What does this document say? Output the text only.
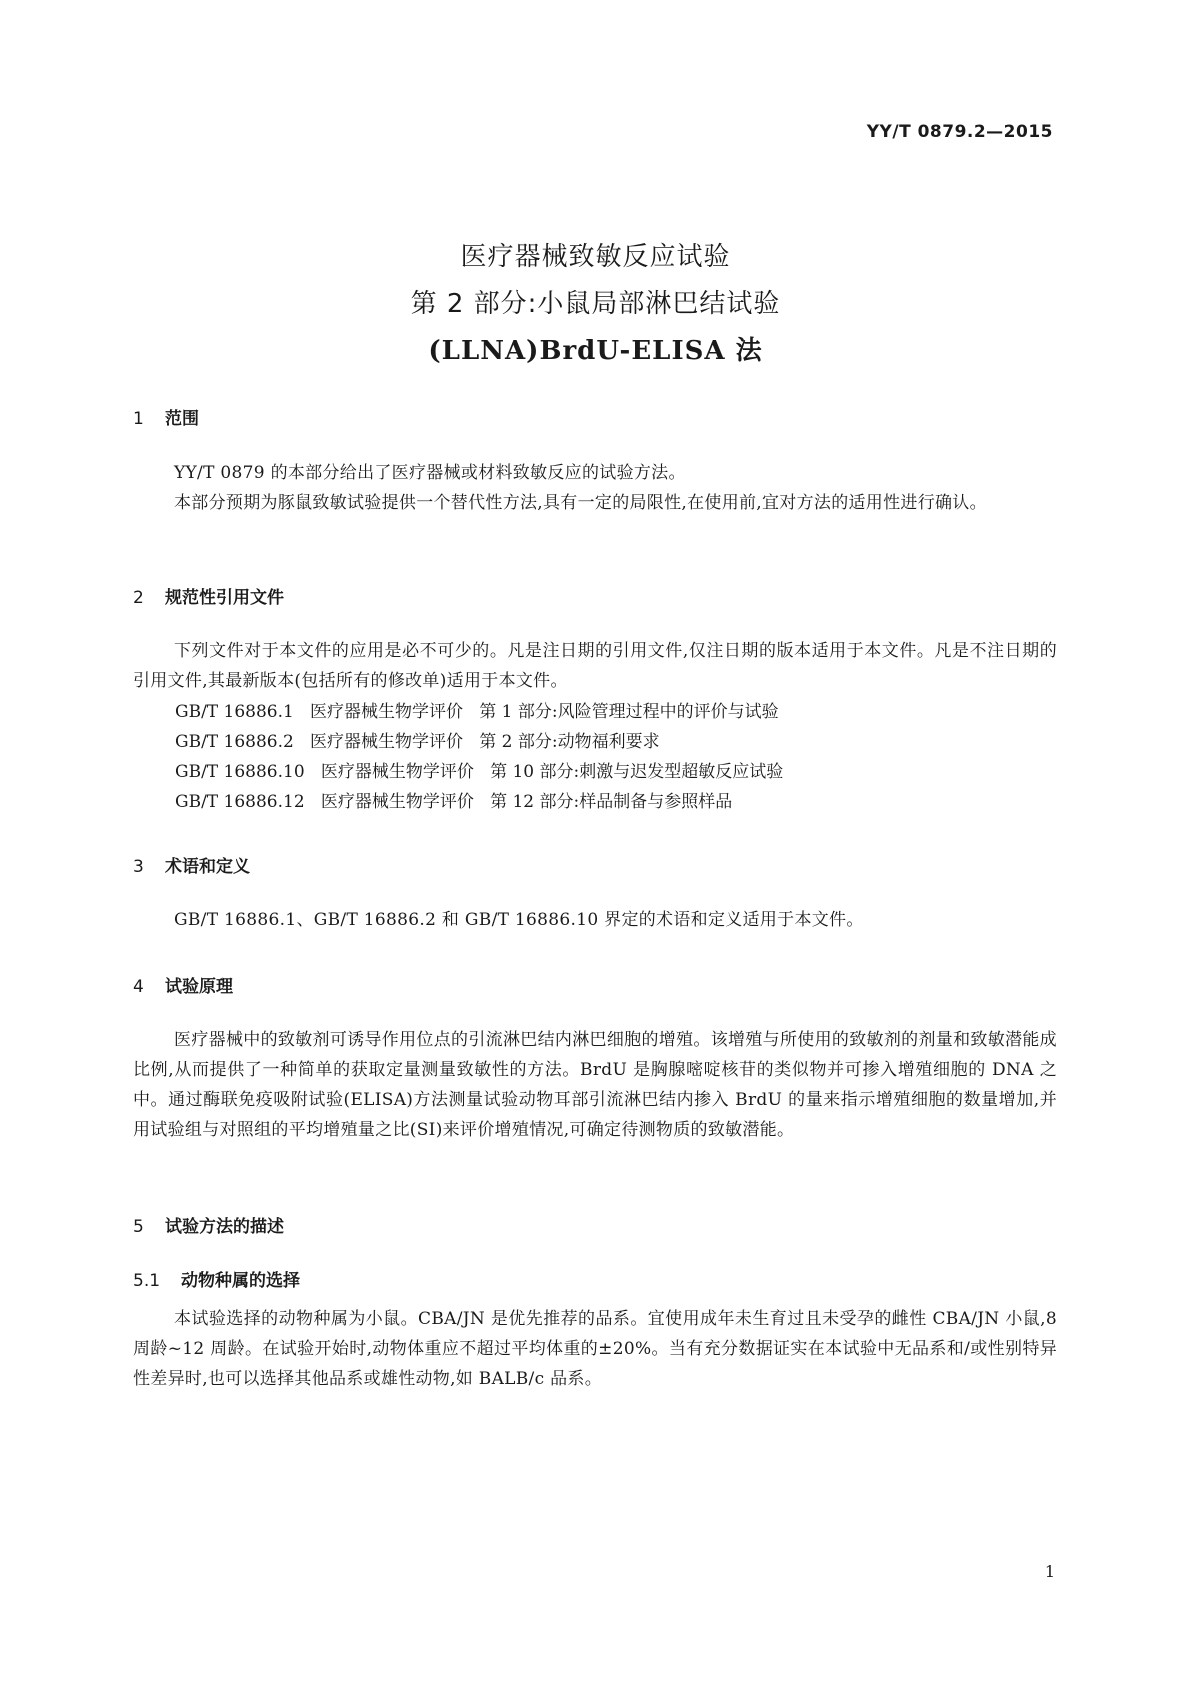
YY/T 0879.2—2015
医疗器械致敏反应试验
第 2 部分:小鼠局部淋巴结试验
(LLNA)BrdU-ELISA 法
1 范围

YY/T 0879 的本部分给出了医疗器械或材料致敏反应的试验方法。

本部分预期为豚鼠致敏试验提供一个替代性方法,具有一定的局限性,在使用前,宜对方法的适用性进行确认。

2 规范性引用文件

下列文件对于本文件的应用是必不可少的。凡是注日期的引用文件,仅注日期的版本适用于本文件。凡是不注日期的引用文件,其最新版本(包括所有的修改单)适用于本文件。

GB/T 16886.1   医疗器械生物学评价   第 1 部分:风险管理过程中的评价与试验
GB/T 16886.2   医疗器械生物学评价   第 2 部分:动物福利要求
GB/T 16886.10   医疗器械生物学评价   第 10 部分:刺激与迟发型超敏反应试验
GB/T 16886.12   医疗器械生物学评价   第 12 部分:样品制备与参照样品
3 术语和定义

GB/T 16886.1、GB/T 16886.2 和 GB/T 16886.10 界定的术语和定义适用于本文件。

4 试验原理

医疗器械中的致敏剂可诱导作用位点的引流淋巴结内淋巴细胞的增殖。该增殖与所使用的致敏剂的剂量和致敏潜能成比例,从而提供了一种简单的获取定量测量致敏性的方法。BrdU 是胸腺嘧啶核苷的类似物并可掺入增殖细胞的 DNA 之中。通过酶联免疫吸附试验(ELISA)方法测量试验动物耳部引流淋巴结内掺入 BrdU 的量来指示增殖细胞的数量增加,并用试验组与对照组的平均增殖量之比(SI)来评价增殖情况,可确定待测物质的致敏潜能。

5 试验方法的描述
5.1 动物种属的选择

本试验选择的动物种属为小鼠。CBA/JN 是优先推荐的品系。宜使用成年未生育过且未受孕的雌性 CBA/JN 小鼠,8 周龄~12 周龄。在试验开始时,动物体重应不超过平均体重的±20%。当有充分数据证实在本试验中无品系和/或性别特异性差异时,也可以选择其他品系或雄性动物,如 BALB/c 品系。

1
